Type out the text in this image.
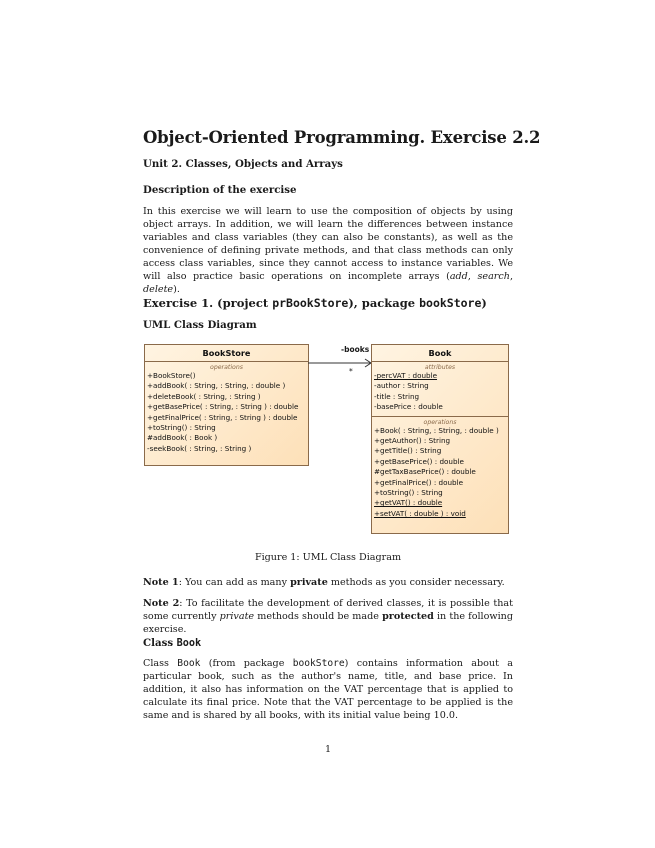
Object-Oriented Programming. Exercise 2.2
Unit 2. Classes, Objects and Arrays
Description of the exercise

In this exercise we will learn to use the composition of objects by using object arrays. In addition, we will learn the differences between instance variables and class variables (they can also be constants), as well as the convenience of defining private methods, and that class methods can only access class variables, since they cannot access to instance variables. We will also practice basic operations on incomplete arrays (add, search, delete).

Exercise 1. (project prBookStore), package bookStore)
UML Class Diagram
BookStore
operations
+BookStore()
+addBook( : String, : String, : double )
+deleteBook( : String, : String )
+getBasePrice( : String, : String ) : double
+getFinalPrice( : String, : String ) : double
+toString() : String
#addBook( : Book )
-seekBook( : String, : String )
-books
*
Book
attributes
-percVAT : double
-author : String
-title : String
-basePrice : double
operations
+Book( : String, : String, : double )
+getAuthor() : String
+getTitle() : String
+getBasePrice() : double
#getTaxBasePrice() : double
+getFinalPrice() : double
+toString() : String
+getVAT() : double
+setVAT( : double ) : void
Figure 1: UML Class Diagram

Note 1: You can add as many private methods as you consider necessary.

Note 2: To facilitate the development of derived classes, it is possible that some currently private methods should be made protected in the following exercise.

Class Book

Class Book (from package bookStore) contains information about a particular book, such as the author's name, title, and base price. In addition, it also has information on the VAT percentage that is applied to calculate its final price. Note that the VAT percentage to be applied is the same and is shared by all books, with its initial value being 10.0.

1
